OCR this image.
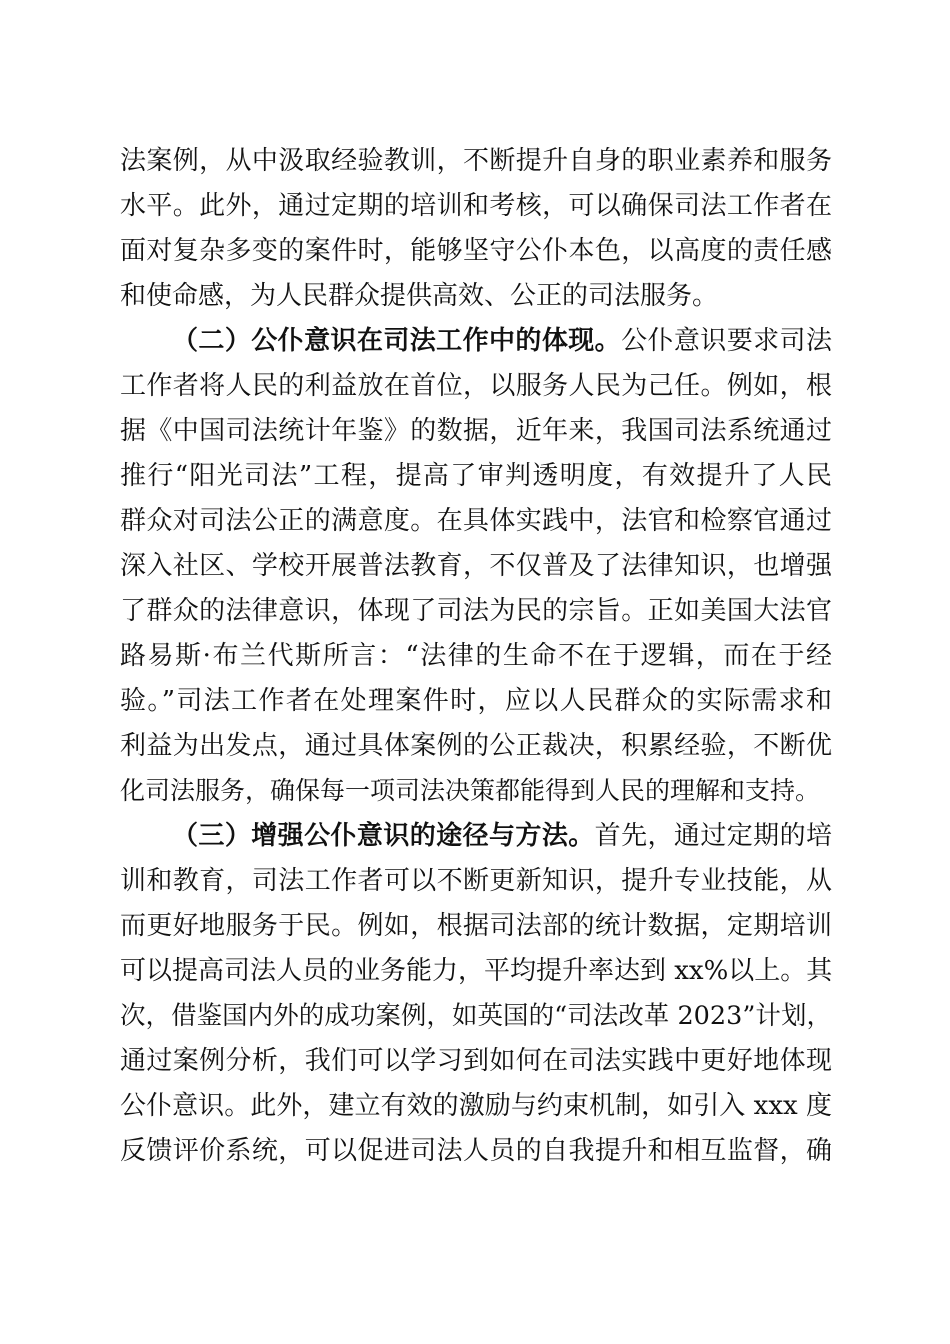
法案例，从中汲取经验教训，不断提升自身的职业素养和服务

水平。此外，通过定期的培训和考核，可以确保司法工作者在

面对复杂多变的案件时，能够坚守公仆本色，以高度的责任感

和使命感，为人民群众提供高效、公正的司法服务。

（二）公仆意识在司法工作中的体现。公仆意识要求司法

工作者将人民的利益放在首位，以服务人民为己任。例如，根

据《中国司法统计年鉴》的数据，近年来，我国司法系统通过

推行“阳光司法”工程，提高了审判透明度，有效提升了人民

群众对司法公正的满意度。在具体实践中，法官和检察官通过

深入社区、学校开展普法教育，不仅普及了法律知识，也增强

了群众的法律意识，体现了司法为民的宗旨。正如美国大法官

路易斯·布兰代斯所言：“法律的生命不在于逻辑，而在于经

验。”司法工作者在处理案件时，应以人民群众的实际需求和

利益为出发点，通过具体案例的公正裁决，积累经验，不断优

化司法服务，确保每一项司法决策都能得到人民的理解和支持。

（三）增强公仆意识的途径与方法。首先，通过定期的培

训和教育，司法工作者可以不断更新知识，提升专业技能，从

而更好地服务于民。例如，根据司法部的统计数据，定期培训

可以提高司法人员的业务能力，平均提升率达到 xx%以上。其

次，借鉴国内外的成功案例，如英国的“司法改革 2023”计划，

通过案例分析，我们可以学习到如何在司法实践中更好地体现

公仆意识。此外，建立有效的激励与约束机制，如引入 xxx 度

反馈评价系统，可以促进司法人员的自我提升和相互监督，确
